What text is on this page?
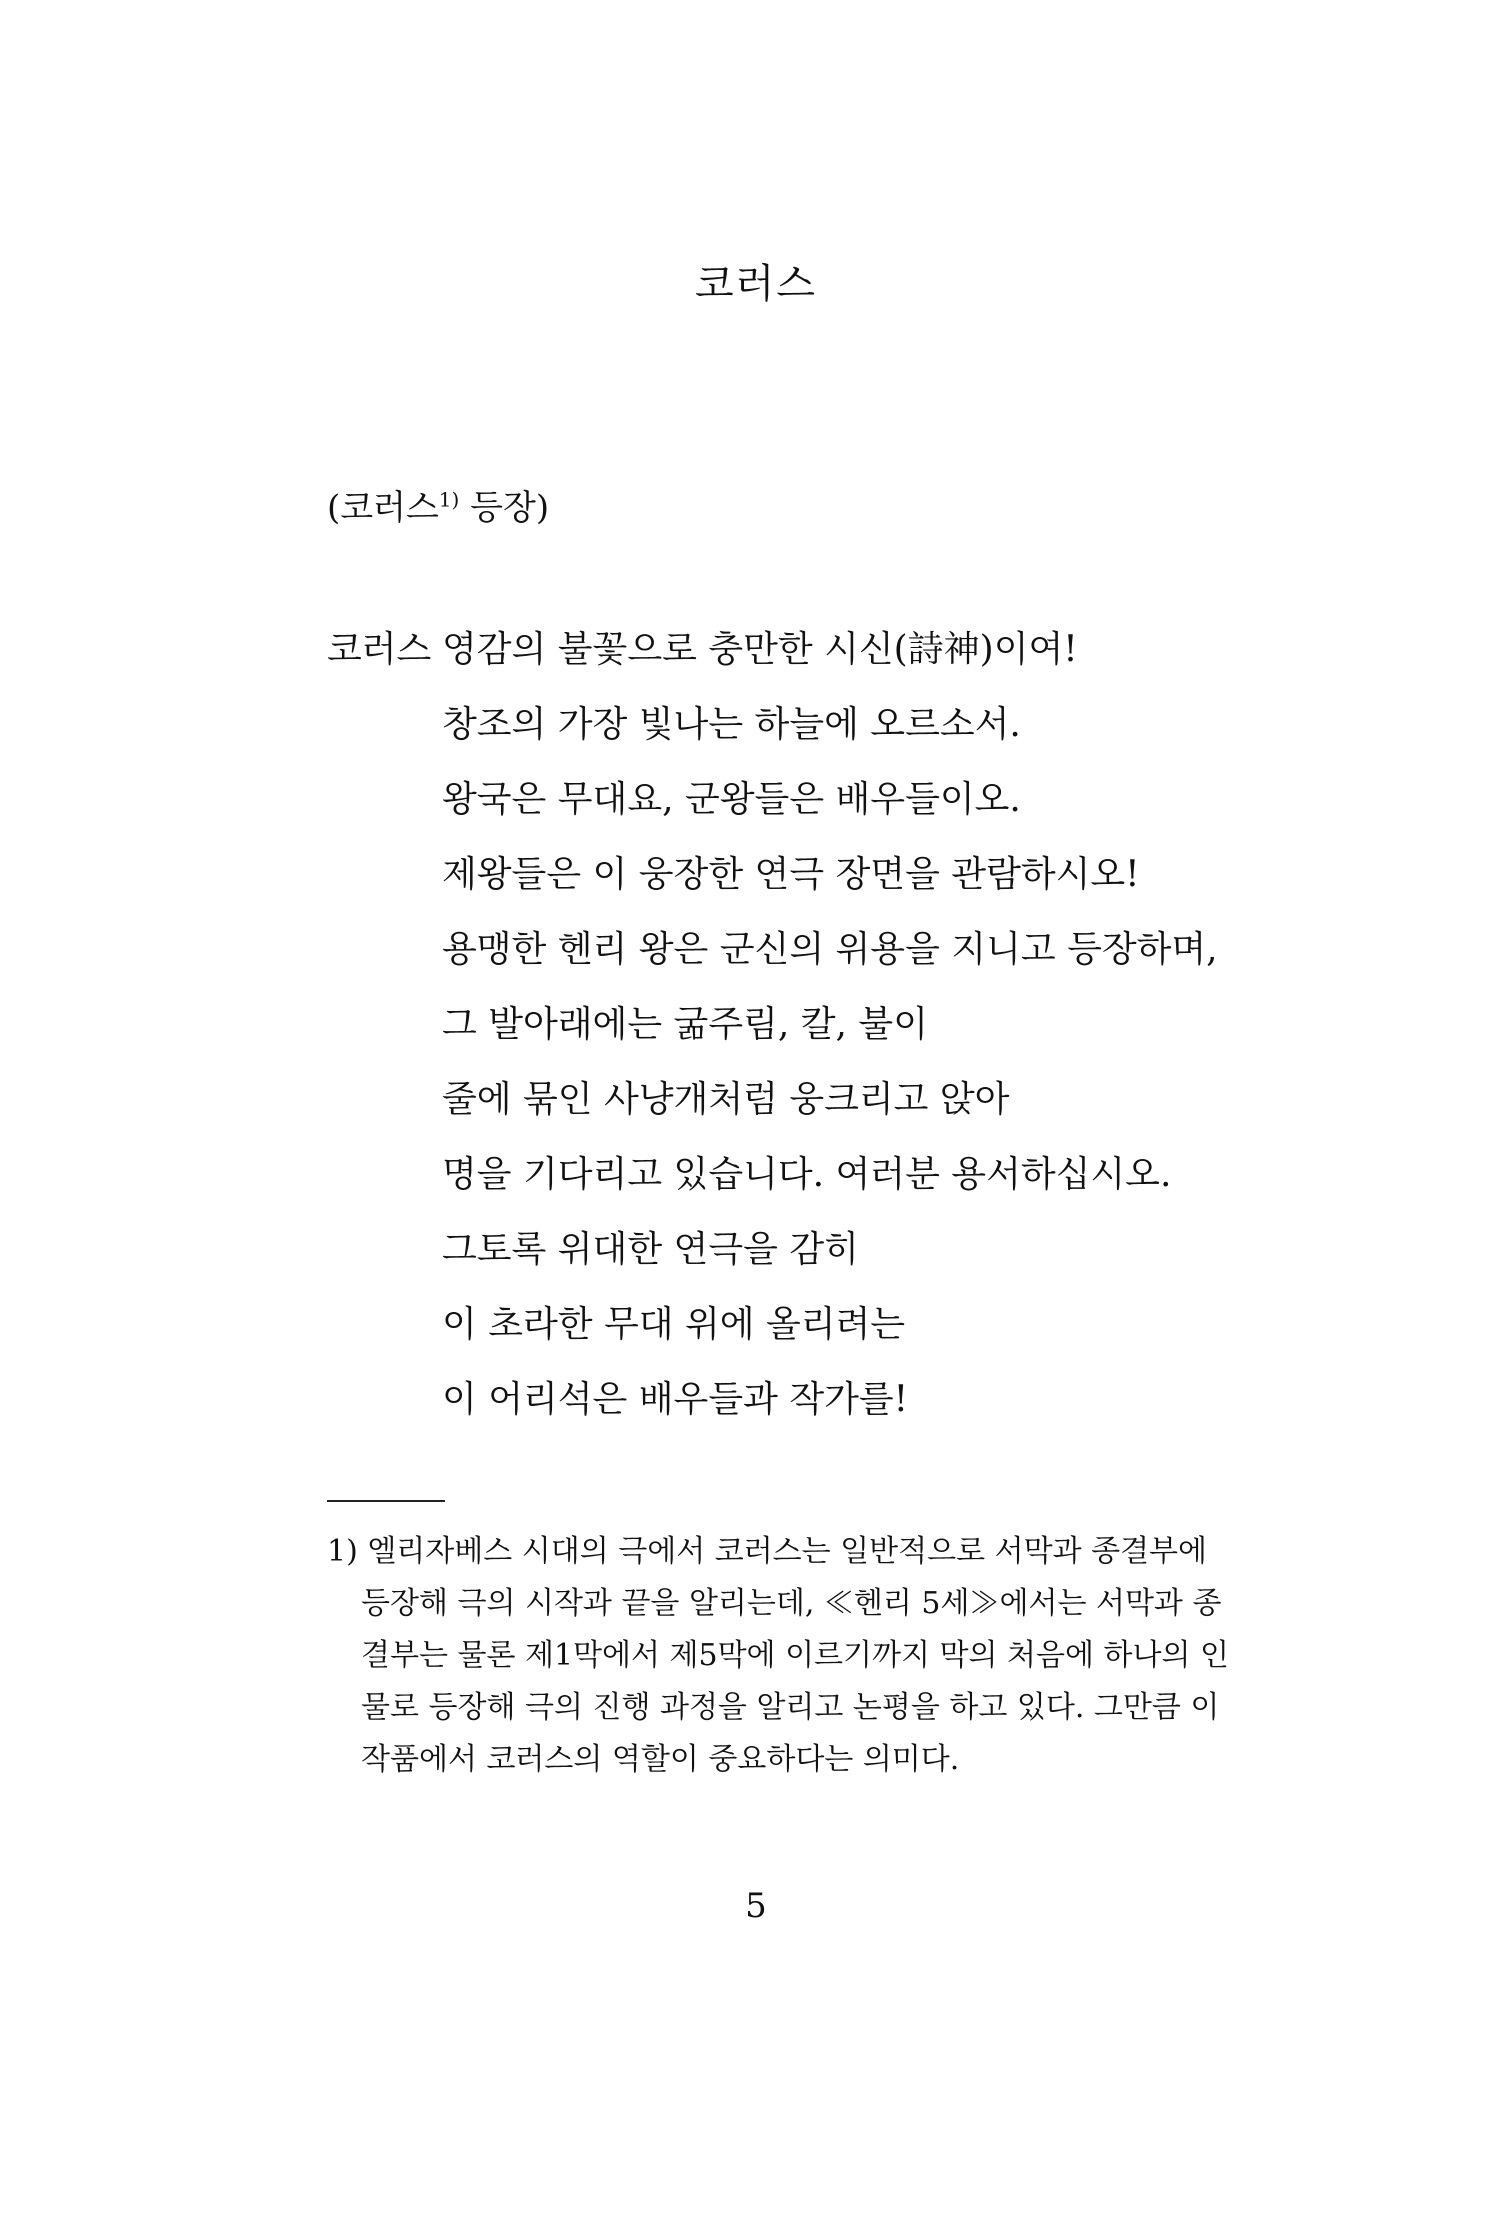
코러스
(코러스$^{1)}$ 등장)
코러스 영감의 불꽃으로 충만한 시신(詩神)이여!
창조의 가장 빛나는 하늘에 오르소서.
왕국은 무대요, 군왕들은 배우들이오.
제왕들은 이 웅장한 연극 장면을 관람하시오!
용맹한 헨리 왕은 군신의 위용을 지니고 등장하며,
그 발아래에는 굶주림, 칼, 불이
줄에 묶인 사냥개처럼 웅크리고 앉아
명을 기다리고 있습니다. 여러분 용서하십시오.
그토록 위대한 연극을 감히
이 초라한 무대 위에 올리려는
이 어리석은 배우들과 작가를!
1) 엘리자베스 시대의 극에서 코러스는 일반적으로 서막과 종결부에
등장해 극의 시작과 끝을 알리는데, ≪헨리 5세≫에서는 서막과 종
결부는 물론 제1막에서 제5막에 이르기까지 막의 처음에 하나의 인
물로 등장해 극의 진행 과정을 알리고 논평을 하고 있다. 그만큼 이
작품에서 코러스의 역할이 중요하다는 의미다.
5
